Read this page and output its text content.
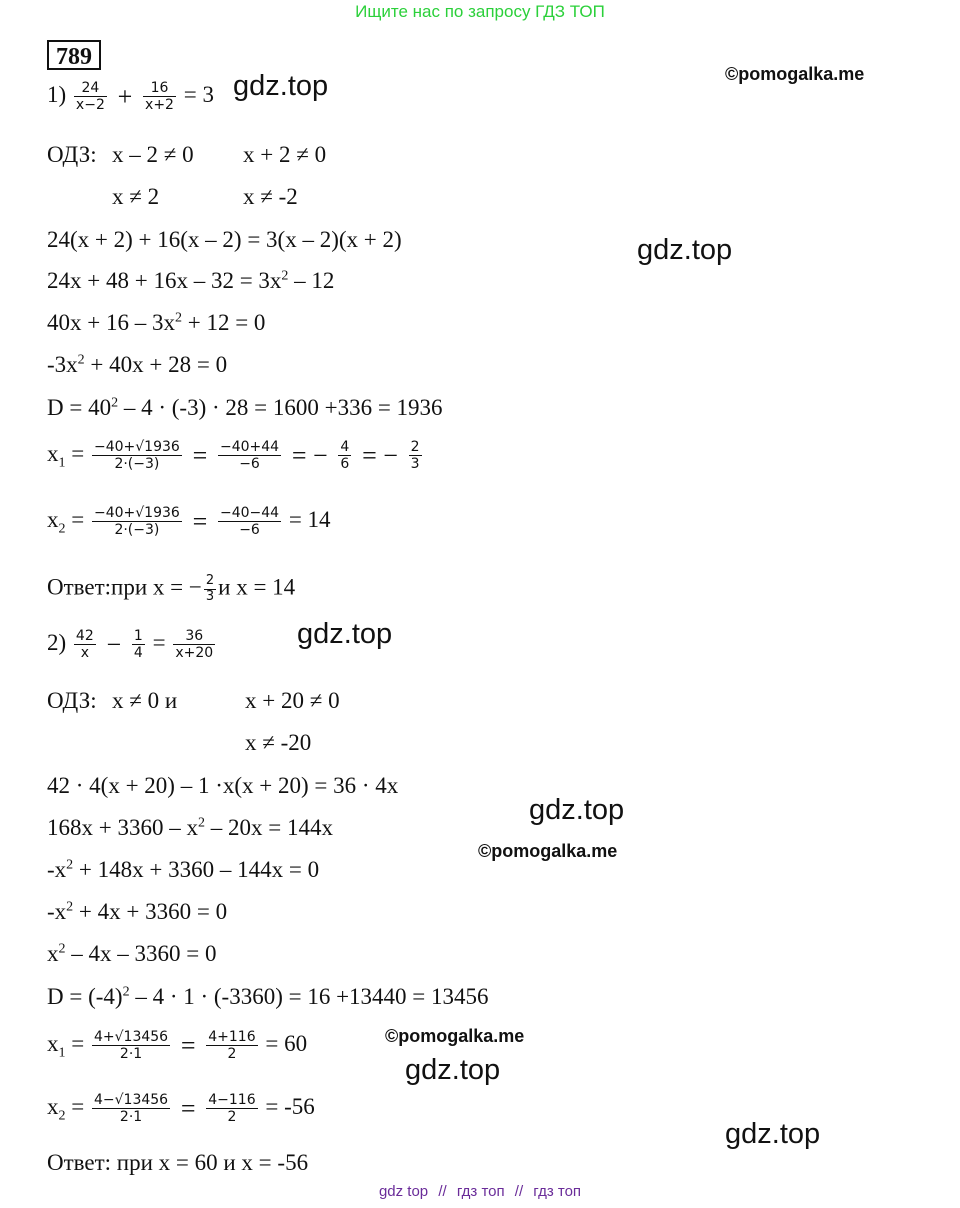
Ищите нас по запросу ГДЗ ТОП
789
gdz.top	©pomogalka.me
gdz.top
gdz.top
gdz.top
©pomogalka.me
©pomogalka.me
gdz.top
gdz.top
$1) \frac{24}{x-2} + \frac{16}{x+2} = 3$
ОДЗ: x – 2 ≠ 0 x + 2 ≠ 0
x ≠ 2	x ≠ -2
24(x + 2) + 16(x – 2) = 3(x – 2)(x + 2)
$24x + 48 + 16x - 32 = 3x^2 - 12$
$40x + 16 - 3x^2 + 12 = 0$
$-3x^2 + 40x + 28 = 0$
$D = 40^2 - 4 \cdot (-3) \cdot 28 = 1600 +336 = 1936$
$x_1 = \frac{-40+√1936}{2\cdot(-3)} = \frac{-40+44}{-6}$ = − $\frac{4}{6}$ = − $\frac{2}{3}$
$x_2 = \frac{-40+√1936}{2\cdot(-3)} = \frac{-40-44}{-6} = 14$
Ответ:при x = − $\frac{2}{3}$ и x = 14
$2) \frac{42}{x} - \frac{1}{4} = \frac{36}{x+20}$
ОДЗ: x ≠ 0 и	x + 20 ≠ 0
x ≠ -20
42 · 4(x + 20) – 1 ·x(x + 20) = 36 · 4x
$168x + 3360 - x^2 - 20x = 144x$
$-x^2 + 148x + 3360 - 144x = 0$
$-x^2 + 4x + 3360 = 0$
$x^2 - 4x - 3360 = 0$
$D = (-4)^2 - 4 \cdot 1 \cdot (-3360) = 16 +13440 = 13456$
$x_1 = \frac{4+√13456}{2\cdot 1} = \frac{4+116}{2} = 60$
$x_2 = \frac{4-√13456}{2\cdot 1} = \frac{4-116}{2} = -56$
Ответ: при x = 60 и x = -56
gdz top // гдз топ // гдз топ
